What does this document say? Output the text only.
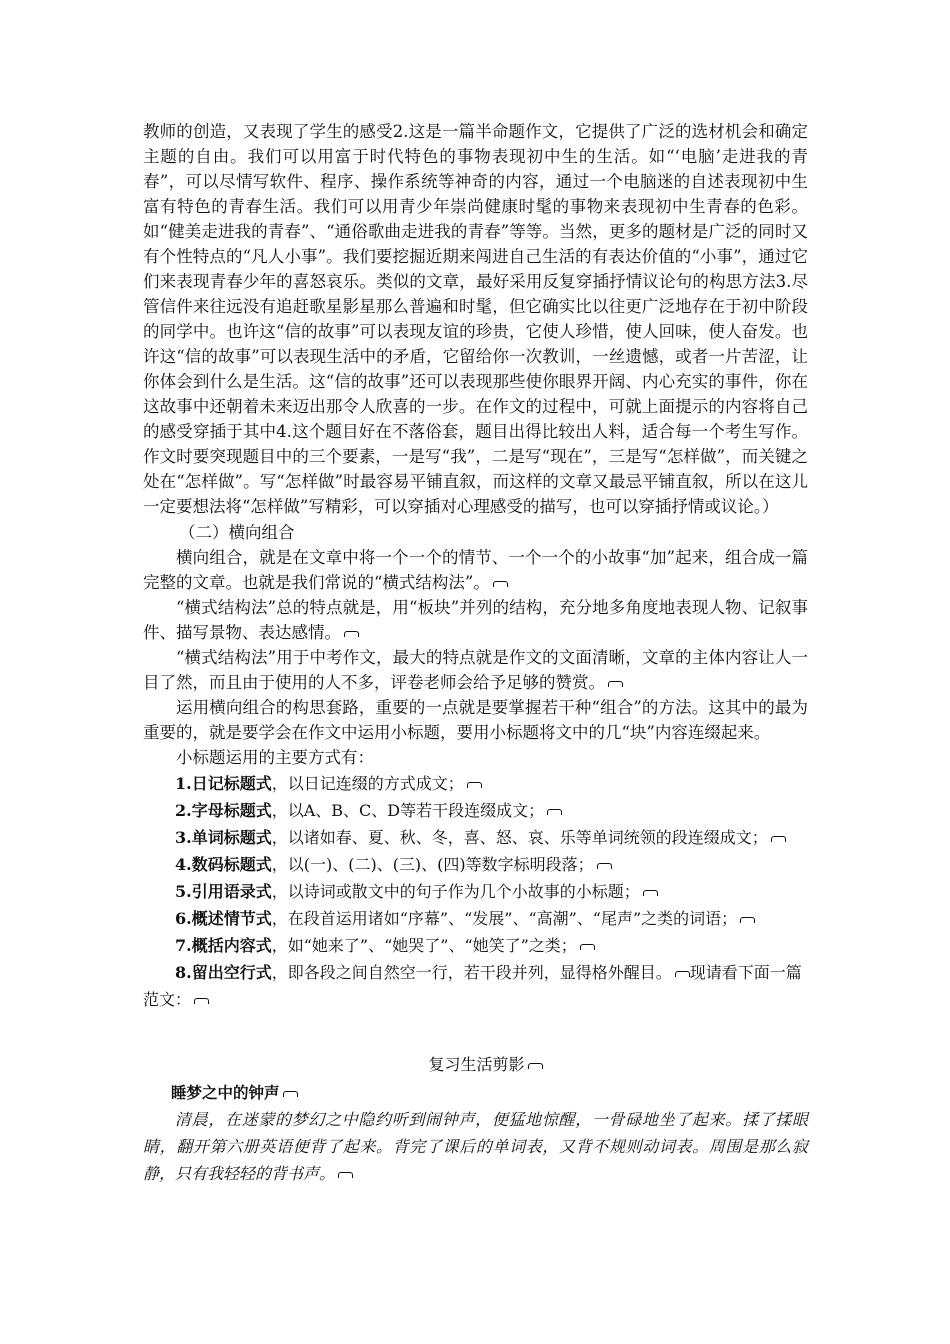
教师的创造，又表现了学生的感受2.这是一篇半命题作文，它提供了广泛的选材机会和确定主题的自由。我们可以用富于时代特色的事物表现初中生的生活。如“‘电脑’走进我的青春”，可以尽情写软件、程序、操作系统等神奇的内容，通过一个电脑迷的自述表现初中生富有特色的青春生活。我们可以用青少年崇尚健康时髦的事物来表现初中生青春的色彩。如“健美走进我的青春”、“通俗歌曲走进我的青春”等等。当然，更多的题材是广泛的同时又有个性特点的“凡人小事”。我们要挖掘近期来闯进自己生活的有表达价值的“小事”，通过它们来表现青春少年的喜怒哀乐。类似的文章，最好采用反复穿插抒情议论句的构思方法3.尽管信件来往远没有追赶歌星影星那么普遍和时髦，但它确实比以往更广泛地存在于初中阶段的同学中。也许这“信的故事”可以表现友谊的珍贵，它使人珍惜，使人回味，使人奋发。也许这“信的故事”可以表现生活中的矛盾，它留给你一次教训，一丝遗憾，或者一片苦涩，让你体会到什么是生活。这“信的故事”还可以表现那些使你眼界开阔、内心充实的事件，你在这故事中还朝着未来迈出那令人欣喜的一步。在作文的过程中，可就上面提示的内容将自己的感受穿插于其中4.这个题目好在不落俗套，题目出得比较出人料，适合每一个考生写作。作文时要突现题目中的三个要素，一是写“我”，二是写“现在”，三是写“怎样做”，而关键之处在“怎样做”。写“怎样做”时最容易平铺直叙，而这样的文章又最忌平铺直叙，所以在这儿一定要想法将“怎样做”写精彩，可以穿插对心理感受的描写，也可以穿插抒情或议论。）

（二）横向组合

横向组合，就是在文章中将一个一个的情节、一个一个的小故事“加”起来，组合成一篇完整的文章。也就是我们常说的“横式结构法”。

“横式结构法”总的特点就是，用“板块”并列的结构，充分地多角度地表现人物、记叙事件、描写景物、表达感情。

“横式结构法”用于中考作文，最大的特点就是作文的文面清晰，文章的主体内容让人一目了然，而且由于使用的人不多，评卷老师会给予足够的赞赏。

运用横向组合的构思套路，重要的一点就是要掌握若干种“组合”的方法。这其中的最为重要的，就是要学会在作文中运用小标题，要用小标题将文中的几“块”内容连缀起来。

小标题运用的主要方式有：

1.日记标题式，以日记连缀的方式成文；

2.字母标题式，以A、B、C、D等若干段连缀成文；

3.单词标题式，以诸如春、夏、秋、冬，喜、怒、哀、乐等单词统领的段连缀成文；

4.数码标题式，以(一)、(二)、(三)、(四)等数字标明段落；

5.引用语录式，以诗词或散文中的句子作为几个小故事的小标题；

6.概述情节式，在段首运用诸如“序幕”、“发展”、“高潮”、“尾声”之类的词语；

7.概括内容式，如“她来了”、“她哭了”、“她笑了”之类；

8.留出空行式，即各段之间自然空一行，若干段并列，显得格外醒目。 现请看下面一篇范文：

复习生活剪影

睡梦之中的钟声

清晨，在迷蒙的梦幻之中隐约听到闹钟声，便猛地惊醒，一骨碌地坐了起来。揉了揉眼睛，翻开第六册英语便背了起来。背完了课后的单词表，又背不规则动词表。周围是那么寂静，只有我轻轻的背书声。
